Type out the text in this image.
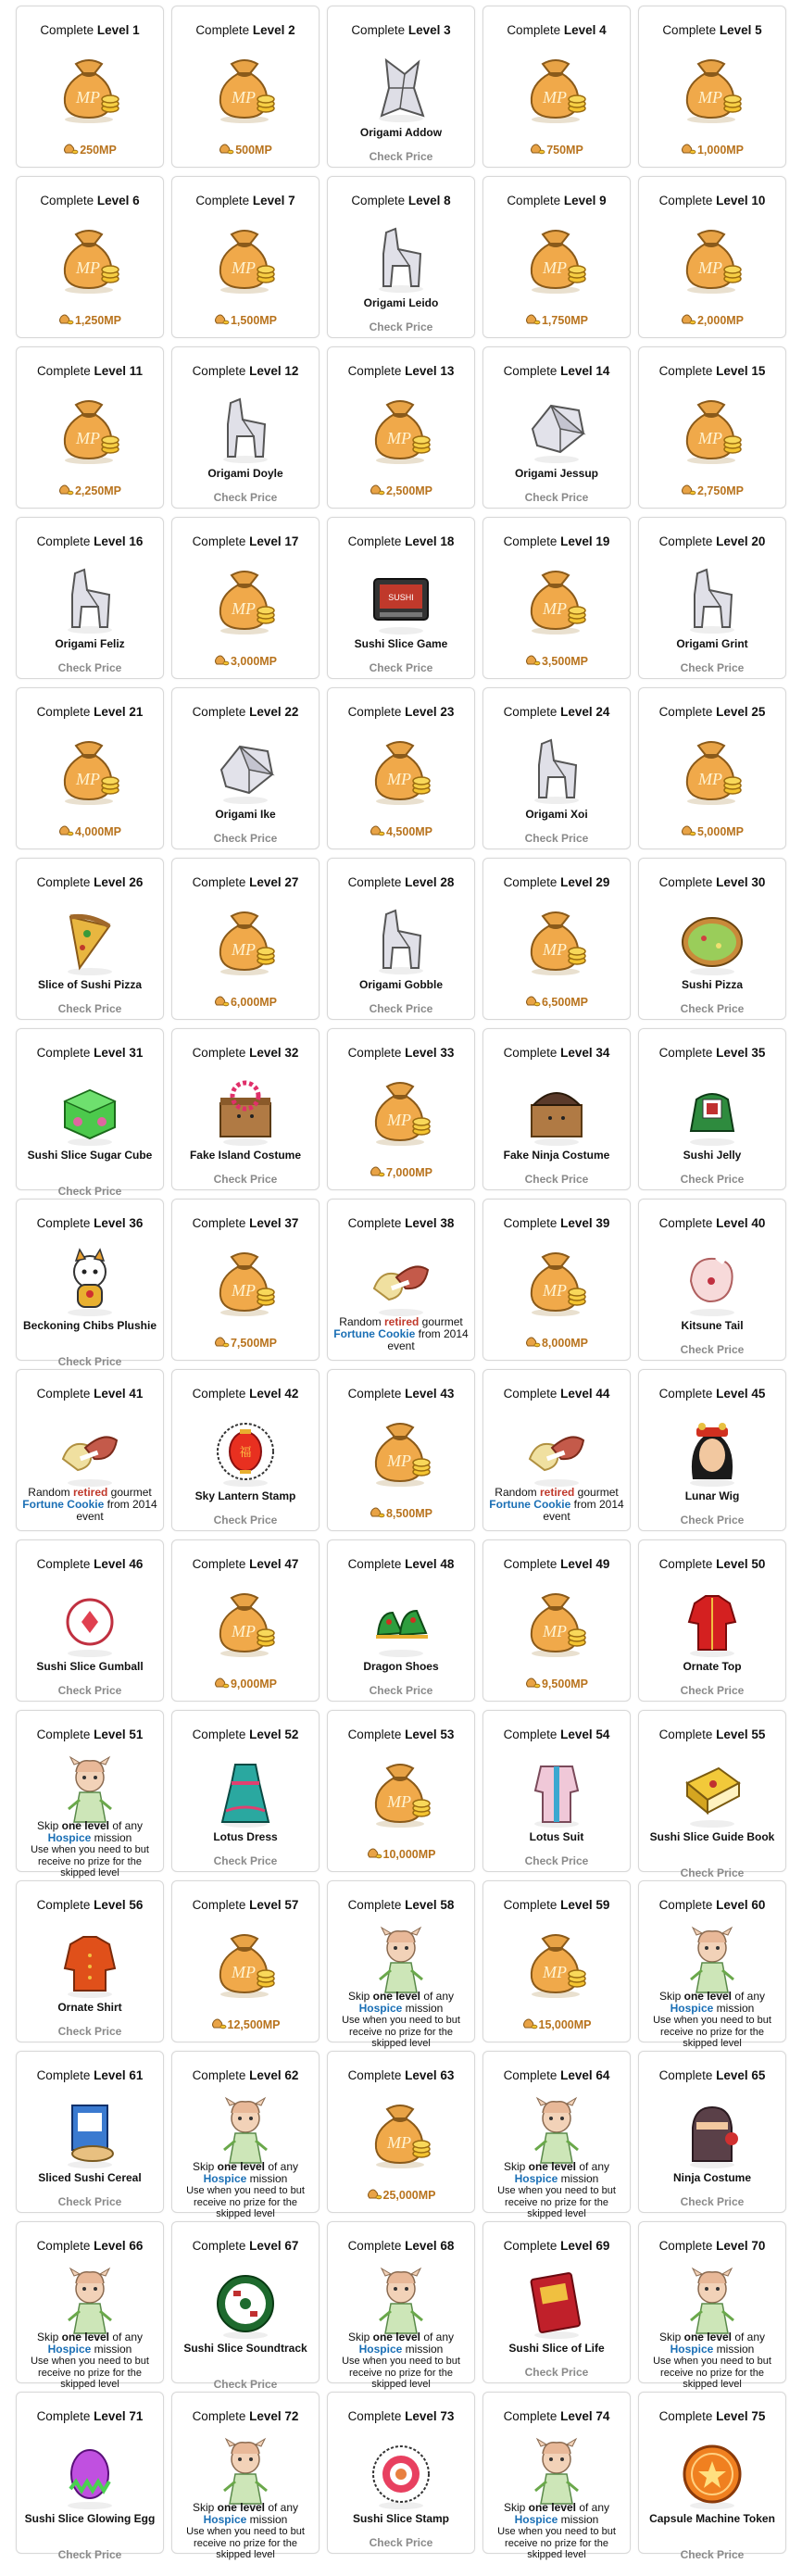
Complete Level 1
MP
250MP
Complete Level 2
MP
500MP
Complete Level 3
Origami Addow
Check Price
Complete Level 4
MP
750MP
Complete Level 5
MP
1,000MP
Complete Level 6
MP
1,250MP
Complete Level 7
MP
1,500MP
Complete Level 8
Origami Leido
Check Price
Complete Level 9
MP
1,750MP
Complete Level 10
MP
2,000MP
Complete Level 11
MP
2,250MP
Complete Level 12
Origami Doyle
Check Price
Complete Level 13
MP
2,500MP
Complete Level 14
Origami Jessup
Check Price
Complete Level 15
MP
2,750MP
Complete Level 16
Origami Feliz
Check Price
Complete Level 17
MP
3,000MP
Complete Level 18
SUSHI
Sushi Slice Game
Check Price
Complete Level 19
MP
3,500MP
Complete Level 20
Origami Grint
Check Price
Complete Level 21
MP
4,000MP
Complete Level 22
Origami Ike
Check Price
Complete Level 23
MP
4,500MP
Complete Level 24
Origami Xoi
Check Price
Complete Level 25
MP
5,000MP
Complete Level 26
Slice of Sushi Pizza
Check Price
Complete Level 27
MP
6,000MP
Complete Level 28
Origami Gobble
Check Price
Complete Level 29
MP
6,500MP
Complete Level 30
Sushi Pizza
Check Price
Complete Level 31
Sushi Slice Sugar Cube
Check Price
Complete Level 32
Fake Island Costume
Check Price
Complete Level 33
MP
7,000MP
Complete Level 34
Fake Ninja Costume
Check Price
Complete Level 35
Sushi Jelly
Check Price
Complete Level 36
Beckoning Chibs Plushie
Check Price
Complete Level 37
MP
7,500MP
Complete Level 38
Random retired gourmet
Fortune Cookie from 2014 event
Complete Level 39
MP
8,000MP
Complete Level 40
Kitsune Tail
Check Price
Complete Level 41
Random retired gourmet
Fortune Cookie from 2014 event
Complete Level 42
福
Sky Lantern Stamp
Check Price
Complete Level 43
MP
8,500MP
Complete Level 44
Random retired gourmet
Fortune Cookie from 2014 event
Complete Level 45
Lunar Wig
Check Price
Complete Level 46
Sushi Slice Gumball
Check Price
Complete Level 47
MP
9,000MP
Complete Level 48
Dragon Shoes
Check Price
Complete Level 49
MP
9,500MP
Complete Level 50
Ornate Top
Check Price
Complete Level 51
Skip one level of any
Hospice mission
Use when you need to but receive no prize for the skipped level
Complete Level 52
Lotus Dress
Check Price
Complete Level 53
MP
10,000MP
Complete Level 54
Lotus Suit
Check Price
Complete Level 55
Sushi Slice Guide Book
Check Price
Complete Level 56
Ornate Shirt
Check Price
Complete Level 57
MP
12,500MP
Complete Level 58
Skip one level of any
Hospice mission
Use when you need to but receive no prize for the skipped level
Complete Level 59
MP
15,000MP
Complete Level 60
Skip one level of any
Hospice mission
Use when you need to but receive no prize for the skipped level
Complete Level 61
Sliced Sushi Cereal
Check Price
Complete Level 62
Skip one level of any
Hospice mission
Use when you need to but receive no prize for the skipped level
Complete Level 63
MP
25,000MP
Complete Level 64
Skip one level of any
Hospice mission
Use when you need to but receive no prize for the skipped level
Complete Level 65
Ninja Costume
Check Price
Complete Level 66
Skip one level of any
Hospice mission
Use when you need to but receive no prize for the skipped level
Complete Level 67
Sushi Slice Soundtrack
Check Price
Complete Level 68
Skip one level of any
Hospice mission
Use when you need to but receive no prize for the skipped level
Complete Level 69
Sushi Slice of Life
Check Price
Complete Level 70
Skip one level of any
Hospice mission
Use when you need to but receive no prize for the skipped level
Complete Level 71
Sushi Slice Glowing Egg
Check Price
Complete Level 72
Skip one level of any
Hospice mission
Use when you need to but receive no prize for the skipped level
Complete Level 73
Sushi Slice Stamp
Check Price
Complete Level 74
Skip one level of any
Hospice mission
Use when you need to but receive no prize for the skipped level
Complete Level 75
Capsule Machine Token
Check Price
